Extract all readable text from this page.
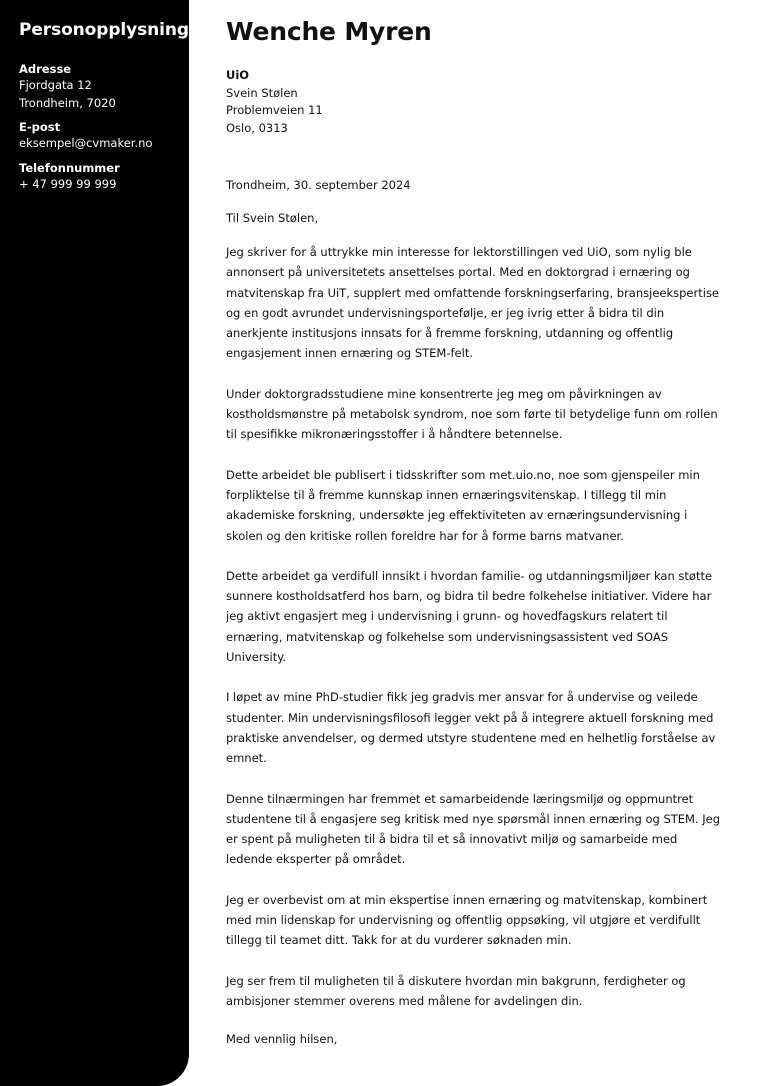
Personopplysninger
Adresse
Fjordgata 12
Trondheim, 7020
E-post
eksempel@cvmaker.no
Telefonnummer
+ 47 999 99 999
Wenche Myren
UiO
Svein Stølen
Problemveien 11
Oslo, 0313
Trondheim, 30. september 2024
Til Svein Stølen,

Jeg skriver for å uttrykke min interesse for lektorstillingen ved UiO, som nylig ble annonsert på universitetets ansettelses portal. Med en doktorgrad i ernæring og matvitenskap fra UiT, supplert med omfattende forskningserfaring, bransjeekspertise og en godt avrundet undervisningsportefølje, er jeg ivrig etter å bidra til din anerkjente institusjons innsats for å fremme forskning, utdanning og offentlig engasjement innen ernæring og STEM-felt.

Under doktorgradsstudiene mine konsentrerte jeg meg om påvirkningen av kostholdsmønstre på metabolsk syndrom, noe som førte til betydelige funn om rollen til spesifikke mikronæringsstoffer i å håndtere betennelse.

Dette arbeidet ble publisert i tidsskrifter som met.uio.no, noe som gjenspeiler min forpliktelse til å fremme kunnskap innen ernæringsvitenskap. I tillegg til min akademiske forskning, undersøkte jeg effektiviteten av ernæringsundervisning i skolen og den kritiske rollen foreldre har for å forme barns matvaner.

Dette arbeidet ga verdifull innsikt i hvordan familie- og utdanningsmiljøer kan støtte sunnere kostholdsatferd hos barn, og bidra til bedre folkehelse initiativer. Videre har jeg aktivt engasjert meg i undervisning i grunn- og hovedfagskurs relatert til ernæring, matvitenskap og folkehelse som undervisningsassistent ved SOAS University.

I løpet av mine PhD-studier fikk jeg gradvis mer ansvar for å undervise og veilede studenter. Min undervisningsfilosofi legger vekt på å integrere aktuell forskning med praktiske anvendelser, og dermed utstyre studentene med en helhetlig forståelse av emnet.

Denne tilnærmingen har fremmet et samarbeidende læringsmiljø og oppmuntret studentene til å engasjere seg kritisk med nye spørsmål innen ernæring og STEM. Jeg er spent på muligheten til å bidra til et så innovativt miljø og samarbeide med ledende eksperter på området.

Jeg er overbevist om at min ekspertise innen ernæring og matvitenskap, kombinert med min lidenskap for undervisning og offentlig oppsøking, vil utgjøre et verdifullt tillegg til teamet ditt. Takk for at du vurderer søknaden min.

Jeg ser frem til muligheten til å diskutere hvordan min bakgrunn, ferdigheter og ambisjoner stemmer overens med målene for avdelingen din.

Med vennlig hilsen,
